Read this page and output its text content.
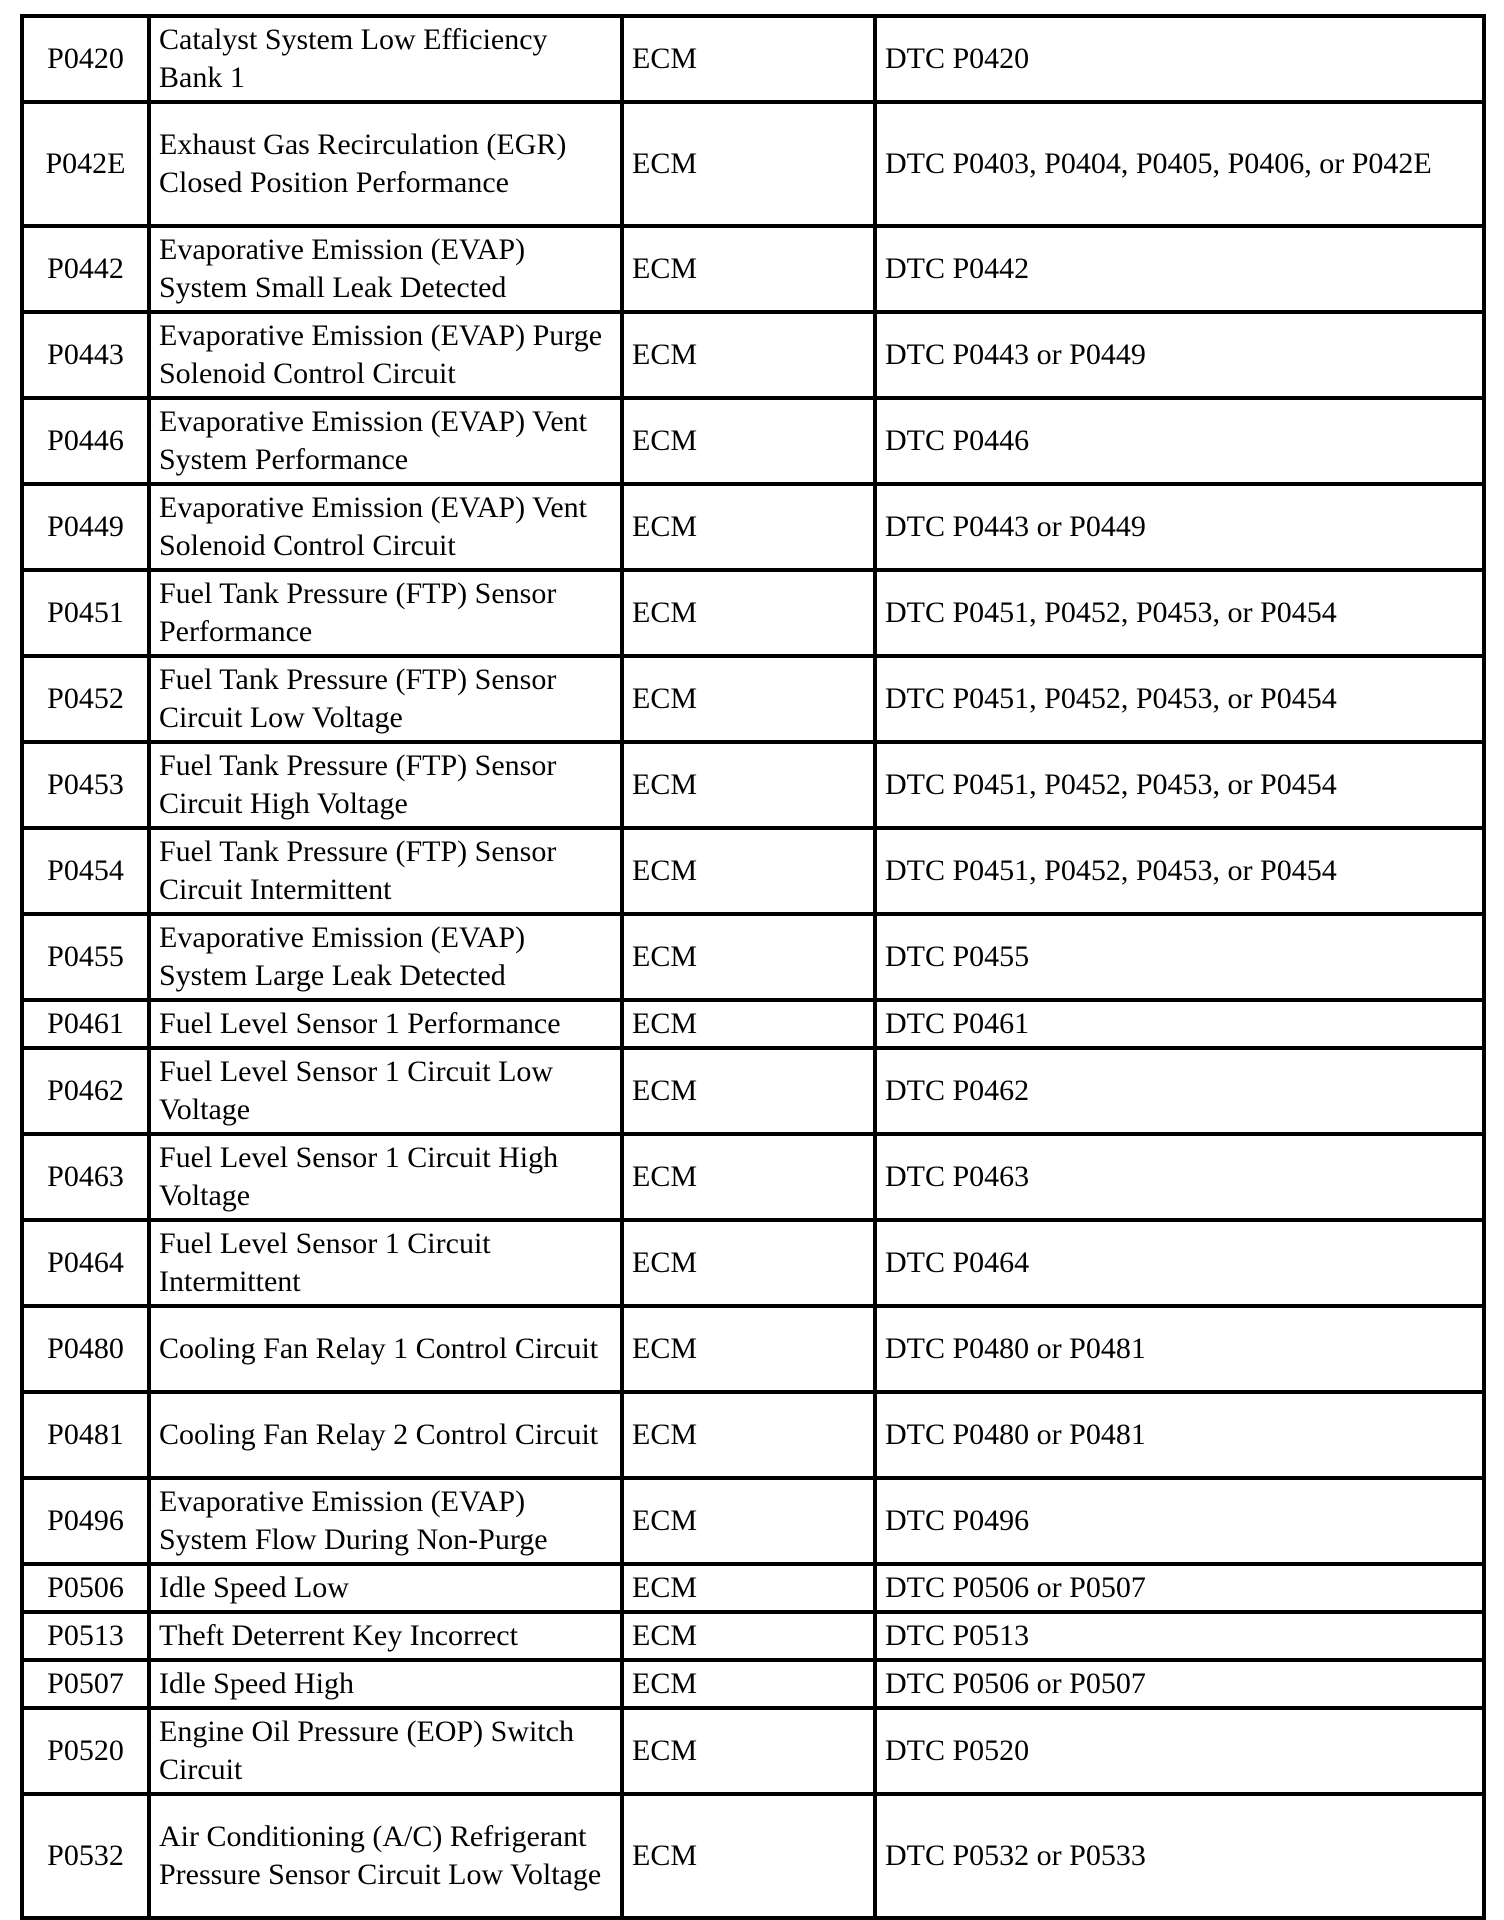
P0420	Catalyst System Low Efficiency Bank 1	ECM	DTC P0420
P042E	Exhaust Gas Recirculation (EGR) Closed Position Performance	ECM	DTC P0403, P0404, P0405, P0406, or P042E
P0442	Evaporative Emission (EVAP) System Small Leak Detected	ECM	DTC P0442
P0443	Evaporative Emission (EVAP) Purge Solenoid Control Circuit	ECM	DTC P0443 or P0449
P0446	Evaporative Emission (EVAP) Vent System Performance	ECM	DTC P0446
P0449	Evaporative Emission (EVAP) Vent Solenoid Control Circuit	ECM	DTC P0443 or P0449
P0451	Fuel Tank Pressure (FTP) Sensor Performance	ECM	DTC P0451, P0452, P0453, or P0454
P0452	Fuel Tank Pressure (FTP) Sensor Circuit Low Voltage	ECM	DTC P0451, P0452, P0453, or P0454
P0453	Fuel Tank Pressure (FTP) Sensor Circuit High Voltage	ECM	DTC P0451, P0452, P0453, or P0454
P0454	Fuel Tank Pressure (FTP) Sensor Circuit Intermittent	ECM	DTC P0451, P0452, P0453, or P0454
P0455	Evaporative Emission (EVAP) System Large Leak Detected	ECM	DTC P0455
P0461	Fuel Level Sensor 1 Performance	ECM	DTC P0461
P0462	Fuel Level Sensor 1 Circuit Low Voltage	ECM	DTC P0462
P0463	Fuel Level Sensor 1 Circuit High Voltage	ECM	DTC P0463
P0464	Fuel Level Sensor 1 Circuit Intermittent	ECM	DTC P0464
P0480	Cooling Fan Relay 1 Control Circuit	ECM	DTC P0480 or P0481
P0481	Cooling Fan Relay 2 Control Circuit	ECM	DTC P0480 or P0481
P0496	Evaporative Emission (EVAP) System Flow During Non-Purge	ECM	DTC P0496
P0506	Idle Speed Low	ECM	DTC P0506 or P0507
P0513	Theft Deterrent Key Incorrect	ECM	DTC P0513
P0507	Idle Speed High	ECM	DTC P0506 or P0507
P0520	Engine Oil Pressure (EOP) Switch Circuit	ECM	DTC P0520
P0532	Air Conditioning (A/C) Refrigerant Pressure Sensor Circuit Low Voltage	ECM	DTC P0532 or P0533
